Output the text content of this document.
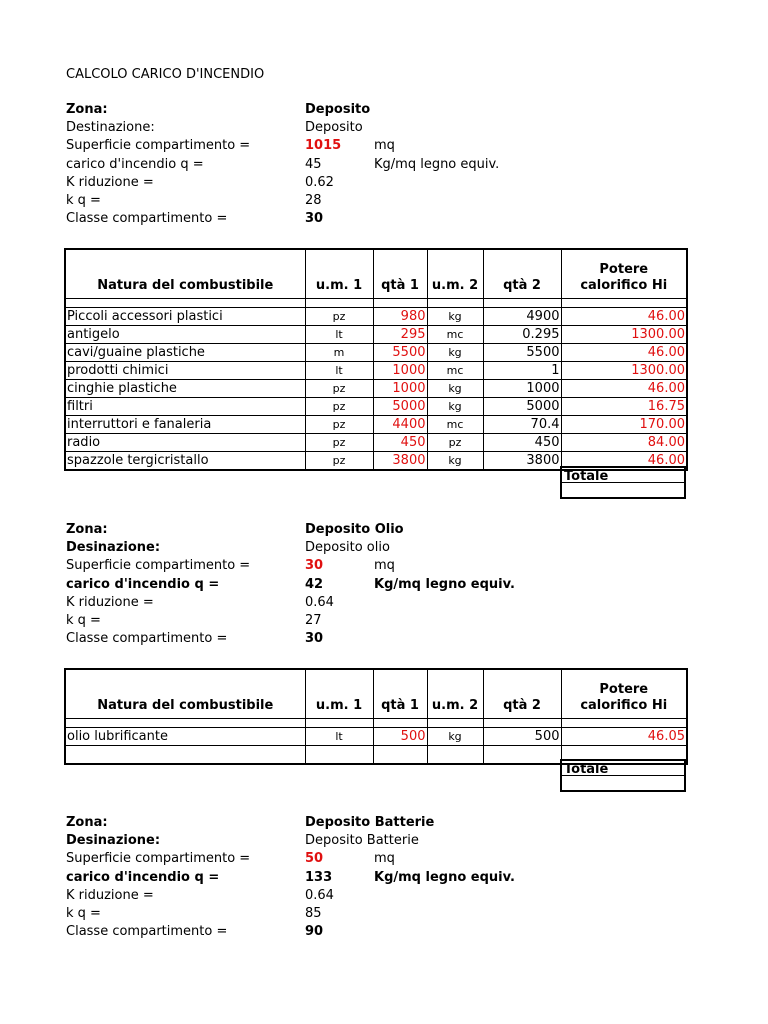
CALCOLO CARICO D'INCENDIO
Zona:	Deposito
Destinazione:	Deposito
Superficie compartimento =	1015	mq
carico d'incendio q =	45	Kg/mq legno equiv.
K riduzione =	0.62
k q =	28
Classe compartimento =	30
Natura del combustibile	u.m. 1	qtà 1	u.m. 2	qtà 2	Potere
calorifico Hi

Piccoli accessori plastici	pz	980	kg	4900	46.00
antigelo	lt	295	mc	0.295	1300.00
cavi/guaine plastiche	m	5500	kg	5500	46.00
prodotti chimici	lt	1000	mc	1	1300.00
cinghie plastiche	pz	1000	kg	1000	46.00
filtri	pz	5000	kg	5000	16.75
interruttori e fanaleria	pz	4400	mc	70.4	170.00
radio	pz	450	pz	450	84.00
spazzole tergicristallo	pz	3800	kg	3800	46.00
Totale
Zona:	Deposito Olio
Desinazione:	Deposito olio
Superficie compartimento =	30	mq
carico d'incendio q =	42	Kg/mq legno equiv.
K riduzione =	0.64
k q =	27
Classe compartimento =	30
Natura del combustibile	u.m. 1	qtà 1	u.m. 2	qtà 2	Potere
calorifico Hi

olio lubrificante	lt	500	kg	500	46.05

Totale
Zona:	Deposito Batterie
Desinazione:	Deposito Batterie
Superficie compartimento =	50	mq
carico d'incendio q =	133	Kg/mq legno equiv.
K riduzione =	0.64
k q =	85
Classe compartimento =	90
